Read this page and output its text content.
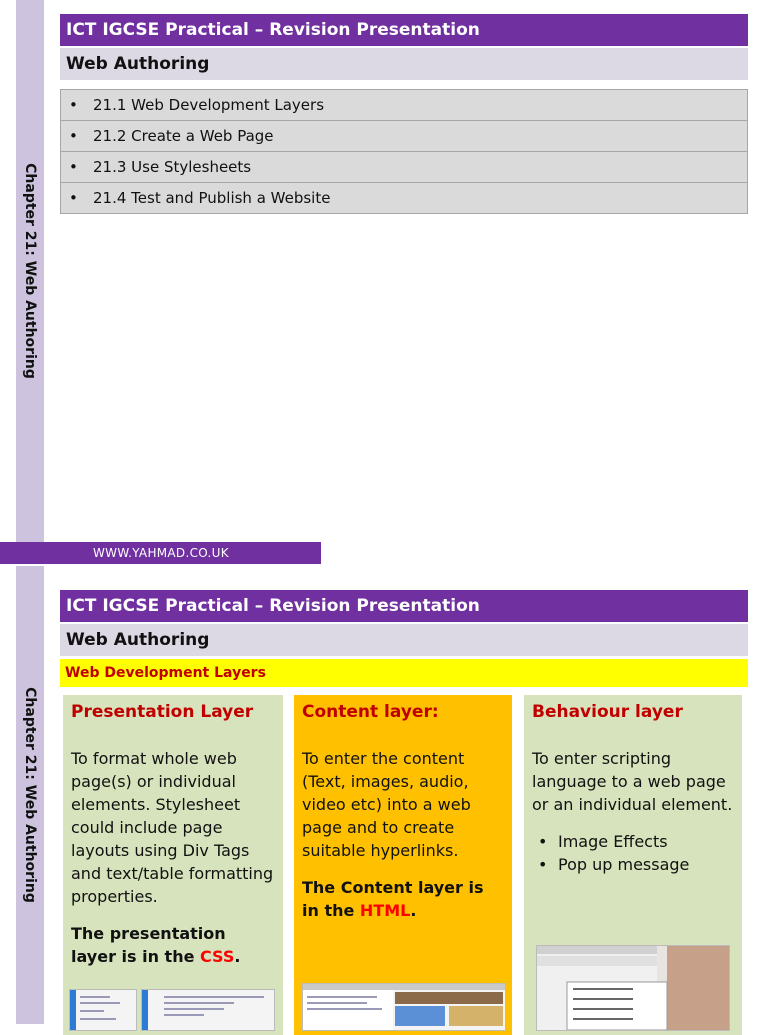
Chapter 21: Web Authoring
ICT IGCSE Practical – Revision Presentation
Web Authoring
• 21.1 Web Development Layers
• 21.2 Create a Web Page
• 21.3 Use Stylesheets
• 21.4 Test and Publish a Website
WWW.YAHMAD.CO.UK
Chapter 21: Web Authoring
ICT IGCSE Practical – Revision Presentation
Web Authoring
Web Development Layers
Presentation Layer

To format whole web page(s) or individual elements. Stylesheet could include page layouts using Div Tags and text/table formatting properties.

The presentation layer is in the CSS.

Content layer:

To enter the content (Text, images, audio, video etc) into a web page and to create suitable hyperlinks.

The Content layer is in the HTML.

Behaviour layer

To enter scripting language to a web page or an individual element.

• Image Effects
• Pop up message
